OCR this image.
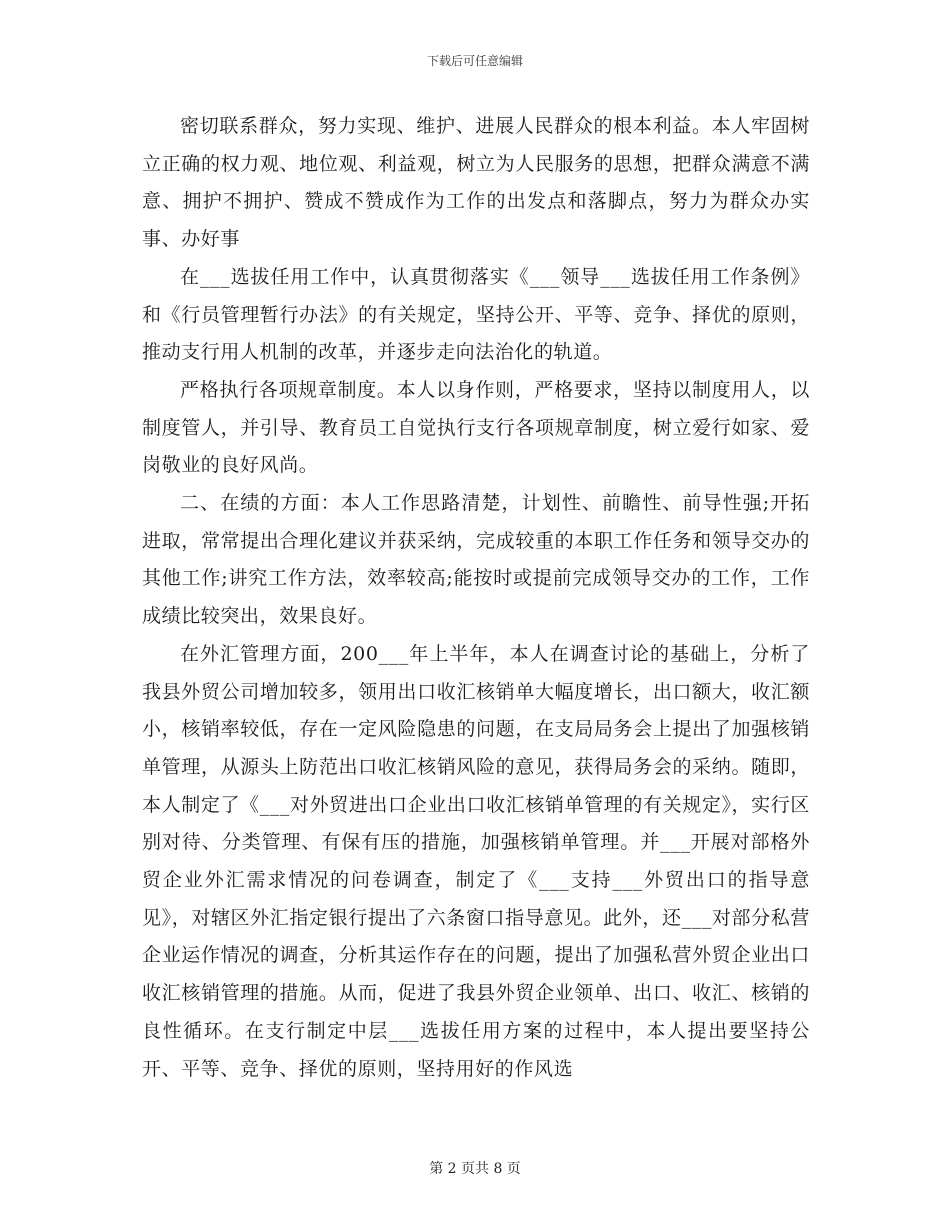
下载后可任意编辑

密切联系群众，努力实现、维护、进展人民群众的根本利益。本人牢固树立正确的权力观、地位观、利益观，树立为人民服务的思想，把群众满意不满意、拥护不拥护、赞成不赞成作为工作的出发点和落脚点，努力为群众办实事、办好事

在___选拔任用工作中，认真贯彻落实《___领导___选拔任用工作条例》和《行员管理暂行办法》的有关规定，坚持公开、平等、竞争、择优的原则，推动支行用人机制的改革，并逐步走向法治化的轨道。

严格执行各项规章制度。本人以身作则，严格要求，坚持以制度用人，以制度管人，并引导、教育员工自觉执行支行各项规章制度，树立爱行如家、爱岗敬业的良好风尚。

二、在绩的方面：本人工作思路清楚，计划性、前瞻性、前导性强;开拓进取，常常提出合理化建议并获采纳，完成较重的本职工作任务和领导交办的其他工作;讲究工作方法，效率较高;能按时或提前完成领导交办的工作，工作成绩比较突出，效果良好。

在外汇管理方面，200___年上半年，本人在调查讨论的基础上，分析了我县外贸公司增加较多，领用出口收汇核销单大幅度增长，出口额大，收汇额小，核销率较低，存在一定风险隐患的问题，在支局局务会上提出了加强核销单管理，从源头上防范出口收汇核销风险的意见，获得局务会的采纳。随即，本人制定了《___对外贸进出口企业出口收汇核销单管理的有关规定》，实行区别对待、分类管理、有保有压的措施，加强核销单管理。并___开展对部格外贸企业外汇需求情况的问卷调查，制定了《___支持___外贸出口的指导意见》，对辖区外汇指定银行提出了六条窗口指导意见。此外，还___对部分私营企业运作情况的调查，分析其运作存在的问题，提出了加强私营外贸企业出口收汇核销管理的措施。从而，促进了我县外贸企业领单、出口、收汇、核销的良性循环。在支行制定中层___选拔任用方案的过程中，本人提出要坚持公开、平等、竞争、择优的原则，坚持用好的作风选

第 2 页共 8 页
